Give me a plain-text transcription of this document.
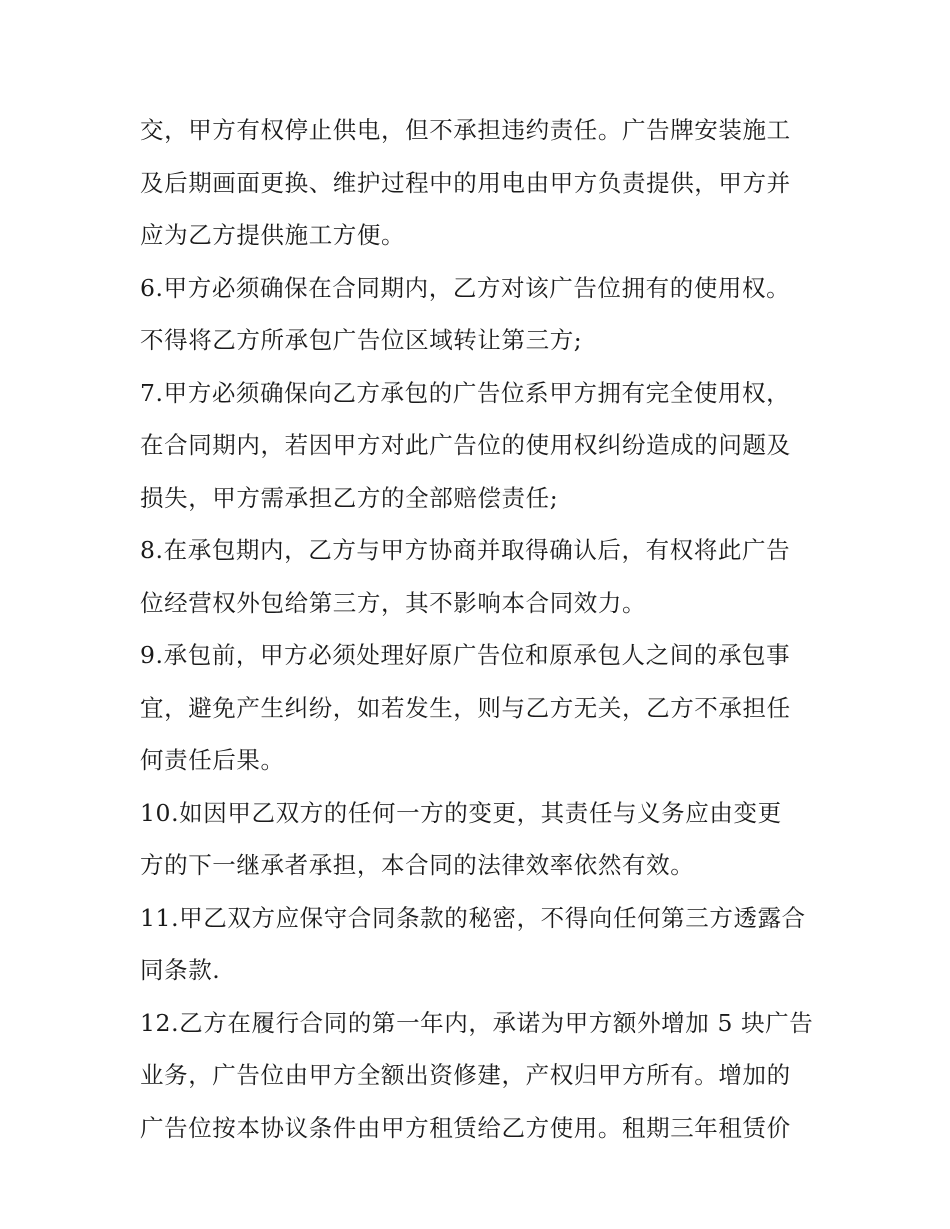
交，甲方有权停止供电，但不承担违约责任。广告牌安装施工
及后期画面更换、维护过程中的用电由甲方负责提供，甲方并
应为乙方提供施工方便。
6.甲方必须确保在合同期内，乙方对该广告位拥有的使用权。
不得将乙方所承包广告位区域转让第三方;
7.甲方必须确保向乙方承包的广告位系甲方拥有完全使用权，
在合同期内，若因甲方对此广告位的使用权纠纷造成的问题及
损失，甲方需承担乙方的全部赔偿责任;
8.在承包期内，乙方与甲方协商并取得确认后，有权将此广告
位经营权外包给第三方，其不影响本合同效力。
9.承包前，甲方必须处理好原广告位和原承包人之间的承包事
宜，避免产生纠纷，如若发生，则与乙方无关，乙方不承担任
何责任后果。
10.如因甲乙双方的任何一方的变更，其责任与义务应由变更
方的下一继承者承担，本合同的法律效率依然有效。
11.甲乙双方应保守合同条款的秘密，不得向任何第三方透露合
同条款.
12.乙方在履行合同的第一年内，承诺为甲方额外增加 5 块广告
业务，广告位由甲方全额出资修建，产权归甲方所有。增加的
广告位按本协议条件由甲方租赁给乙方使用。租期三年租赁价
